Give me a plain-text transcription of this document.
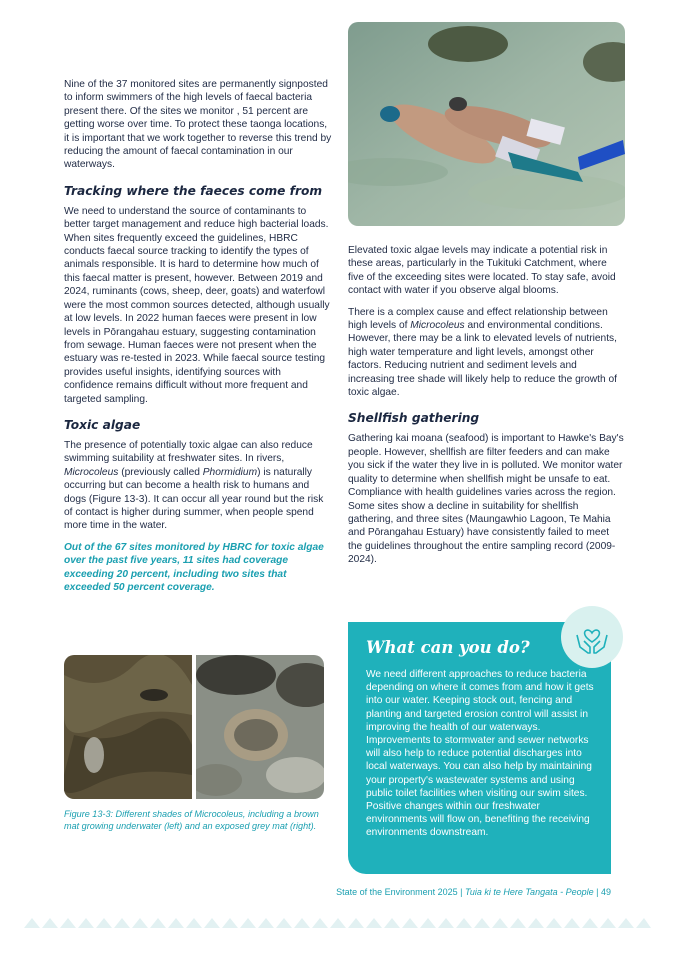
Nine of the 37 monitored sites are permanently signposted to inform swimmers of the high levels of faecal bacteria present there. Of the sites we monitor , 51 percent are getting worse over time. To protect these taonga locations, it is important that we work together to reverse this trend by reducing the amount of faecal contamination in our waterways.

Tracking where the faeces come from

We need to understand the source of contaminants to better target management and reduce high bacterial loads. When sites frequently exceed the guidelines, HBRC conducts faecal source tracking to identify the types of animals responsible. It is hard to determine how much of this faecal matter is present, however. Between 2019 and 2024, ruminants (cows, sheep, deer, goats) and waterfowl were the most common sources detected, although usually at low levels. In 2022 human faeces were present in low levels in Pōrangahau estuary, suggesting contamination from sewage. Human faeces were not present when the estuary was re-tested in 2023. While faecal source testing provides useful insights, identifying sources with confidence remains difficult without more frequent and targeted sampling.

Toxic algae

The presence of potentially toxic algae can also reduce swimming suitability at freshwater sites. In rivers, Microcoleus (previously called Phormidium) is naturally occurring but can become a health risk to humans and dogs (Figure 13-3). It can occur all year round but the risk of contact is higher during summer, when people spend more time in the water.

Out of the 67 sites monitored by HBRC for toxic algae over the past five years, 11 sites had coverage exceeding 20 percent, including two sites that exceeded 50 percent coverage.

Figure 13-3: Different shades of Microcoleus, including a brown mat growing underwater (left) and an exposed grey mat (right).

Elevated toxic algae levels may indicate a potential risk in these areas, particularly in the Tukituki Catchment, where five of the exceeding sites were located. To stay safe, avoid contact with water if you observe algal blooms.

There is a complex cause and effect relationship between high levels of Microcoleus and environmental conditions. However, there may be a link to elevated levels of nutrients, high water temperature and light levels, amongst other factors. Reducing nutrient and sediment levels and increasing tree shade will likely help to reduce the growth of toxic algae.

Shellfish gathering

Gathering kai moana (seafood) is important to Hawke's Bay's people. However, shellfish are filter feeders and can make you sick if the water they live in is polluted. We monitor water quality to determine when shellfish might be unsafe to eat. Compliance with health guidelines varies across the region. Some sites show a decline in suitability for shellfish gathering, and three sites (Maungawhio Lagoon, Te Mahia and Pōrangahau Estuary) have consistently failed to meet the guidelines throughout the entire sampling record (2009-2024).

What can you do?

We need different approaches to reduce bacteria depending on where it comes from and how it gets into our water. Keeping stock out, fencing and planting and targeted erosion control will assist in improving the health of our waterways. Improvements to stormwater and sewer networks will also help to reduce potential discharges into local waterways. You can also help by maintaining your property's wastewater systems and using public toilet facilities when visiting our swim sites. Positive changes within our freshwater environments will flow on, benefiting the receiving environments downstream.

State of the Environment 2025 | Tuia ki te Here Tangata - People | 49
